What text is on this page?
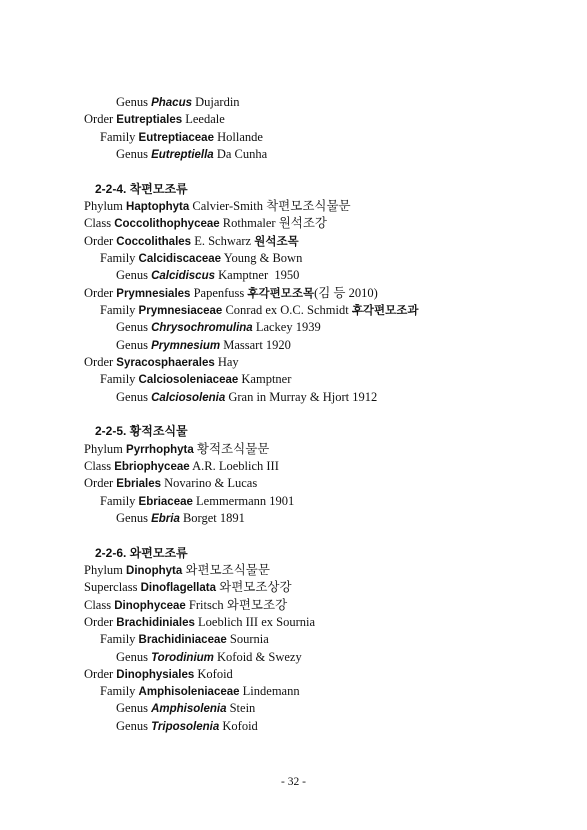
Genus Phacus Dujardin
Order Eutreptiales Leedale
Family Eutreptiaceae Hollande
Genus Eutreptiella Da Cunha
2-2-4. 착편모조류
Phylum Haptophyta Calvier-Smith 착편모조식물문
Class Coccolithophyceae Rothmaler 원석조강
Order Coccolithales E. Schwarz 원석조목
Family Calcidiscaceae Young & Bown
Genus Calcidiscus Kamptner  1950
Order Prymnesiales Papenfuss 후각편모조목(김 등 2010)
Family Prymnesiaceae Conrad ex O.C. Schmidt 후각편모조과
Genus Chrysochromulina Lackey 1939
Genus Prymnesium Massart 1920
Order Syracosphaerales Hay
Family Calciosoleniaceae Kamptner
Genus Calciosolenia Gran in Murray & Hjort 1912
2-2-5. 황적조식물
Phylum Pyrrhophyta 황적조식물문
Class Ebriophyceae A.R. Loeblich III
Order Ebriales Novarino & Lucas
Family Ebriaceae Lemmermann 1901
Genus Ebria Borget 1891
2-2-6. 와편모조류
Phylum Dinophyta 와편모조식물문
Superclass Dinoflagellata 와편모조상강
Class Dinophyceae Fritsch 와편모조강
Order Brachidiniales Loeblich III ex Sournia
Family Brachidiniaceae Sournia
Genus Torodinium Kofoid & Swezy
Order Dinophysiales Kofoid
Family Amphisoleniaceae Lindemann
Genus Amphisolenia Stein
Genus Triposolenia Kofoid
- 32 -
